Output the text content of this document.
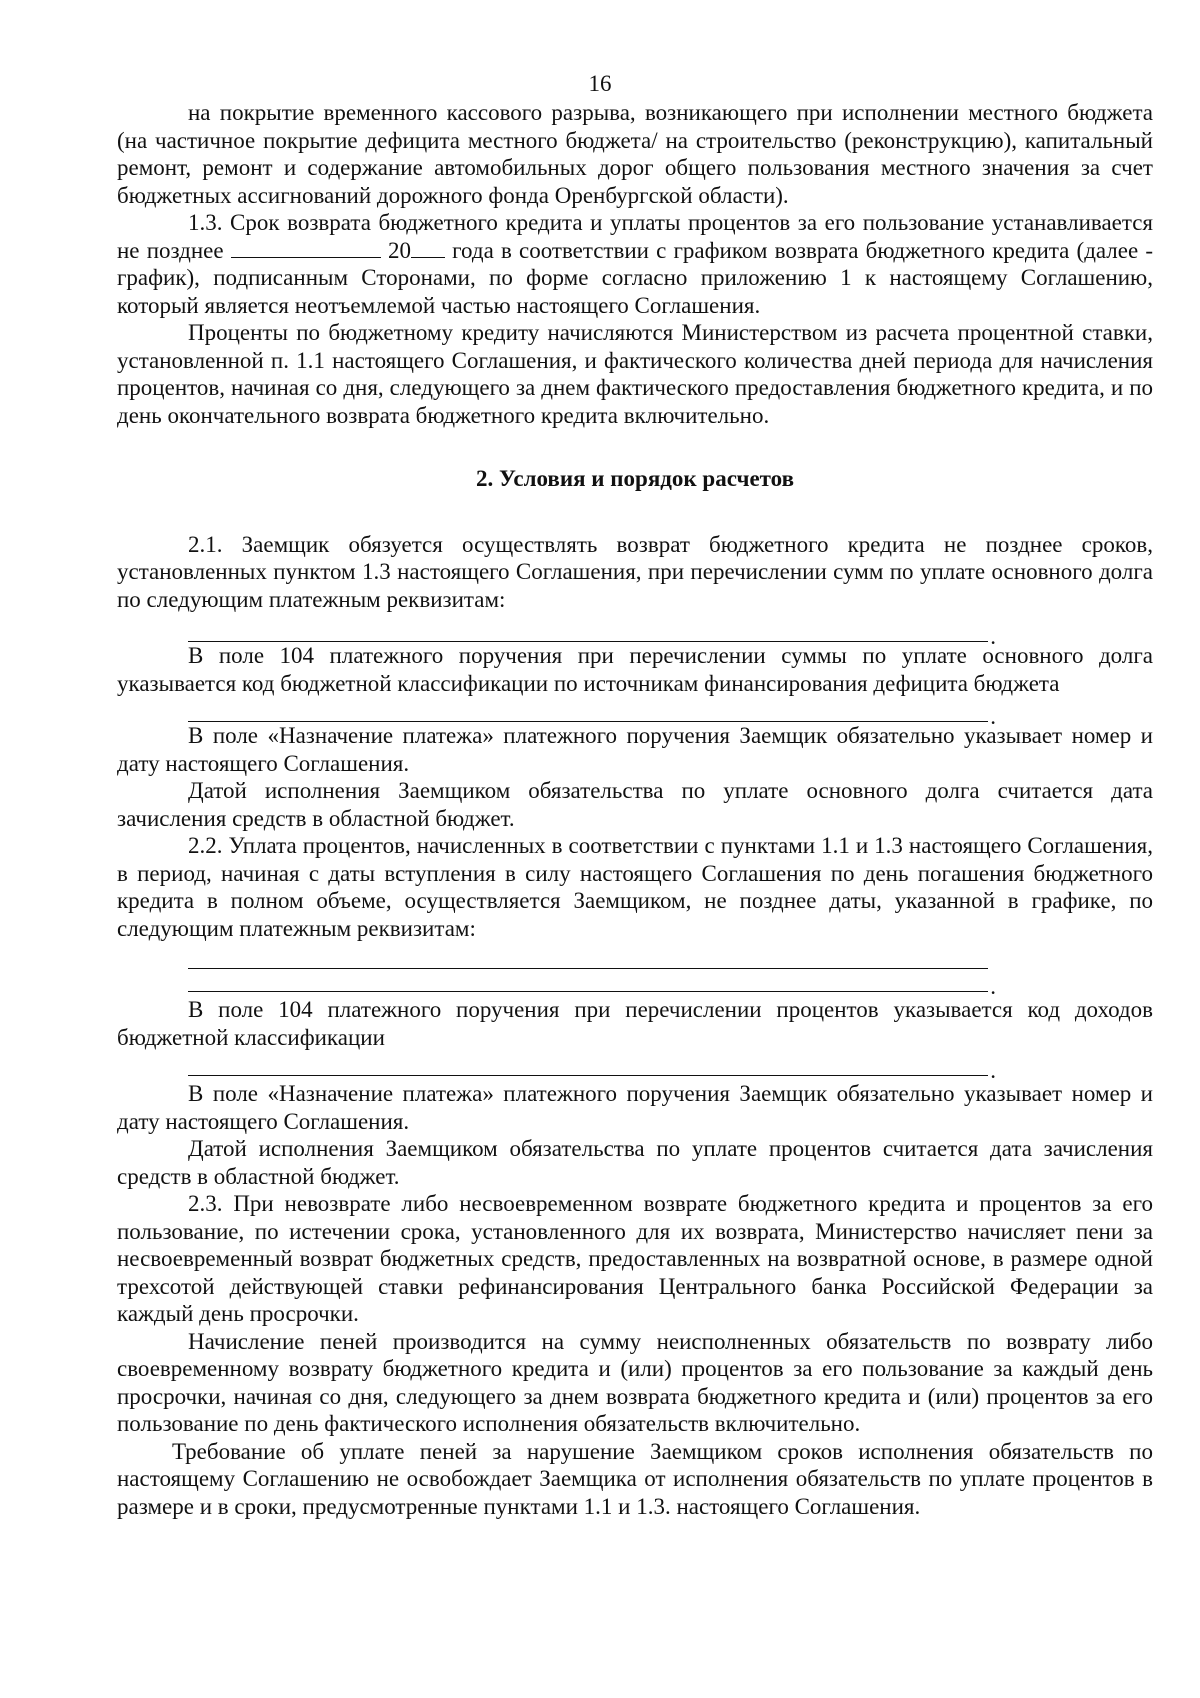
16

на покрытие временного кассового разрыва, возникающего при исполнении местного бюджета (на частичное покрытие дефицита местного бюджета/ на строительство (реконструкцию), капитальный ремонт, ремонт и содержание автомобильных дорог общего пользования местного значения за счет бюджетных ассигнований дорожного фонда Оренбургской области).

1.3. Срок возврата бюджетного кредита и уплаты процентов за его пользование устанавливается не позднее	20 года в соответствии с графиком возврата бюджетного кредита (далее - график), подписанным Сторонами, по форме согласно приложению 1 к настоящему Соглашению, который является неотъемлемой частью настоящего Соглашения.

Проценты по бюджетному кредиту начисляются Министерством из расчета процентной ставки, установленной п. 1.1 настоящего Соглашения, и фактического количества дней периода для начисления процентов, начиная со дня, следующего за днем фактического предоставления бюджетного кредита, и по день окончательного возврата бюджетного кредита включительно.

2. Условия и порядок расчетов

2.1. Заемщик обязуется осуществлять возврат бюджетного кредита не позднее сроков, установленных пунктом 1.3 настоящего Соглашения, при перечислении сумм по уплате основного долга по следующим платежным реквизитам:

.

В поле 104 платежного поручения при перечислении суммы по уплате основного долга указывается код бюджетной классификации по источникам финансирования дефицита бюджета

.

В поле «Назначение платежа» платежного поручения Заемщик обязательно указывает номер и дату настоящего Соглашения.

Датой исполнения Заемщиком обязательства по уплате основного долга считается дата зачисления средств в областной бюджет.

2.2. Уплата процентов, начисленных в соответствии с пунктами 1.1 и 1.3 настоящего Соглашения, в период, начиная с даты вступления в силу настоящего Соглашения по день погашения бюджетного кредита в полном объеме, осуществляется Заемщиком, не позднее даты, указанной в графике, по следующим платежным реквизитам:

.

В поле 104 платежного поручения при перечислении процентов указывается код доходов бюджетной классификации

.

В поле «Назначение платежа» платежного поручения Заемщик обязательно указывает номер и дату настоящего Соглашения.

Датой исполнения Заемщиком обязательства по уплате процентов считается дата зачисления средств в областной бюджет.

2.3. При невозврате либо несвоевременном возврате бюджетного кредита и процентов за его пользование, по истечении срока, установленного для их возврата, Министерство начисляет пени за несвоевременный возврат бюджетных средств, предоставленных на возвратной основе, в размере одной трехсотой действующей ставки рефинансирования Центрального банка Российской Федерации за каждый день просрочки.

Начисление пеней производится на сумму неисполненных обязательств по возврату либо своевременному возврату бюджетного кредита и (или) процентов за его пользование за каждый день просрочки, начиная со дня, следующего за днем возврата бюджетного кредита и (или) процентов за его пользование по день фактического исполнения обязательств включительно.

Требование об уплате пеней за нарушение Заемщиком сроков исполнения обязательств по настоящему Соглашению не освобождает Заемщика от исполнения обязательств по уплате процентов в размере и в сроки, предусмотренные пунктами 1.1 и 1.3. настоящего Соглашения.
